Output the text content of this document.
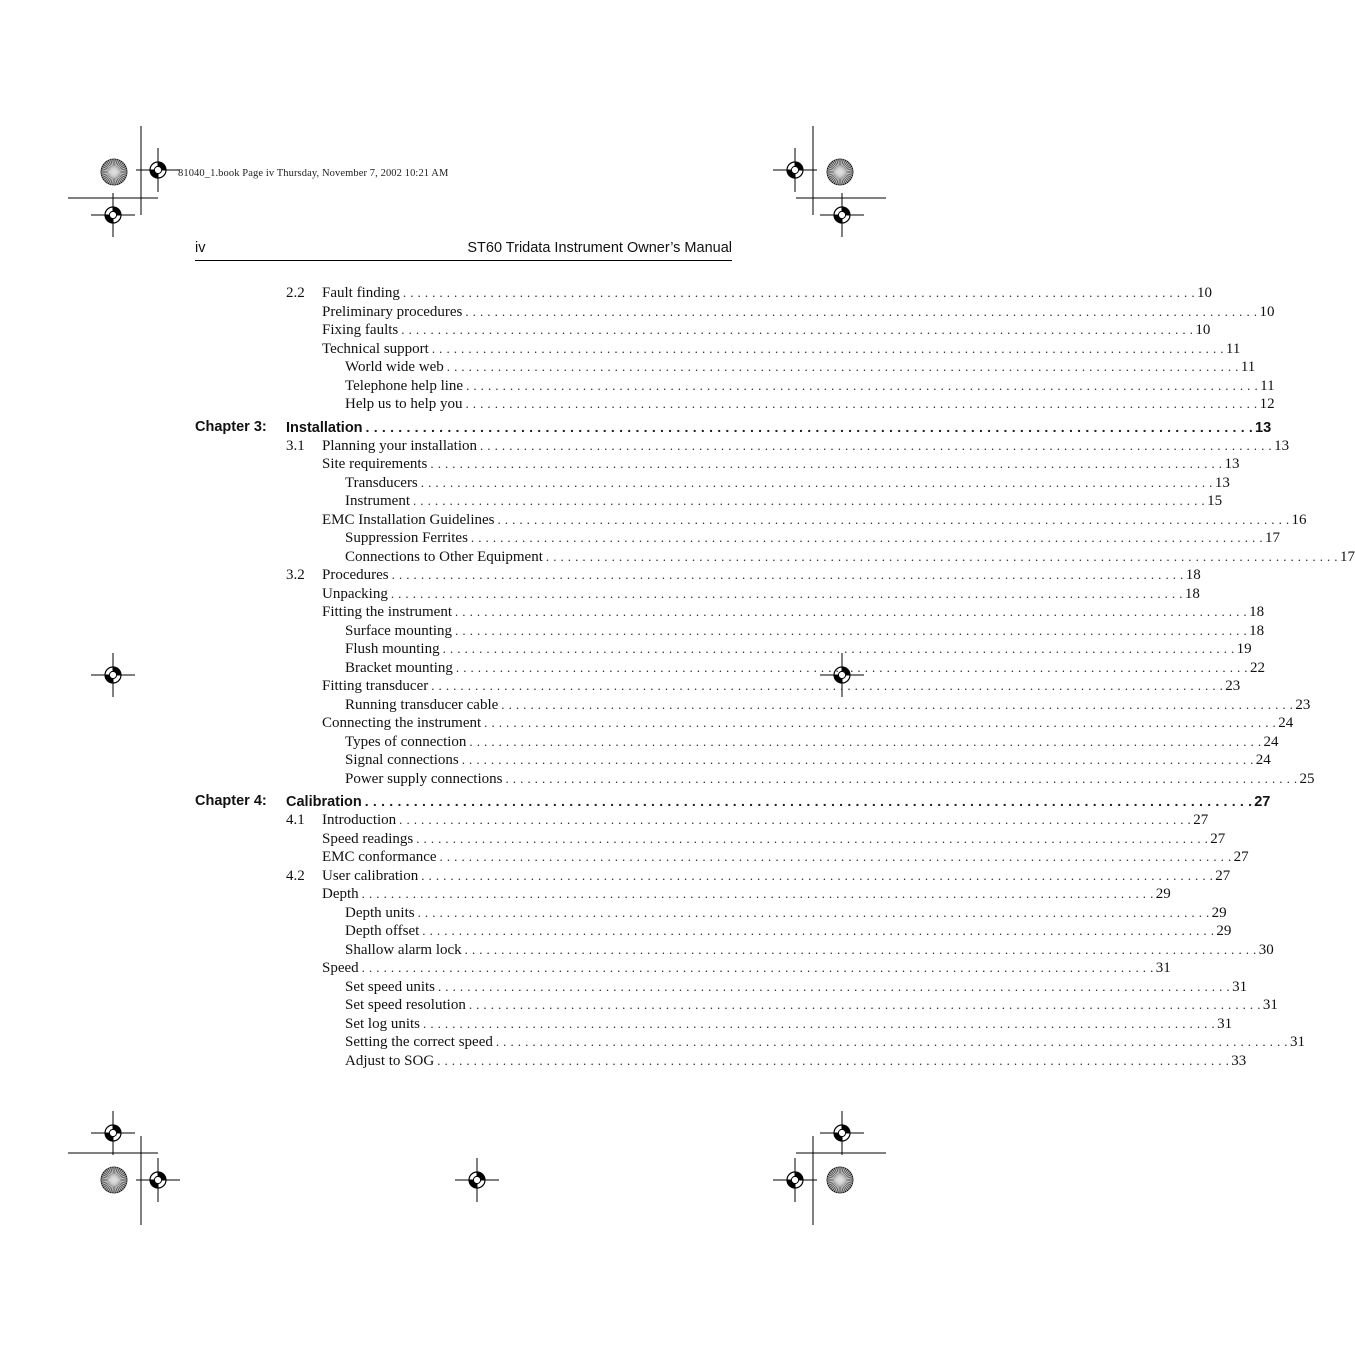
81040_1.book Page iv Thursday, November 7, 2002 10:21 AM
iv	ST60 Tridata Instrument Owner’s Manual
2.2 Fault finding . . . . . . . . . . . . . . . . . . . . . . . . . . . . . . . . . . . . . . . . . . . . . . . . . . . . . . . . . . . . . . . . . . . . . . . . . . . . . . . . . . . . . . . . . . . . . . . . . . . . . . . . . . . . . 10
Preliminary procedures . . . . . . . . . . . . . . . . . . . . . . . . . . . . . . . . . . . . . . . . . . . . . . . . . . . . . . . . . . . . . . . . . . . . . . . . . . . . . . . . . . . . . . . . . . . . . . . . . . . . . . . . . . . . . 10
Fixing faults . . . . . . . . . . . . . . . . . . . . . . . . . . . . . . . . . . . . . . . . . . . . . . . . . . . . . . . . . . . . . . . . . . . . . . . . . . . . . . . . . . . . . . . . . . . . . . . . . . . . . . . . . . . . . 10
Technical support . . . . . . . . . . . . . . . . . . . . . . . . . . . . . . . . . . . . . . . . . . . . . . . . . . . . . . . . . . . . . . . . . . . . . . . . . . . . . . . . . . . . . . . . . . . . . . . . . . . . . . . . . . . . . 11
World wide web . . . . . . . . . . . . . . . . . . . . . . . . . . . . . . . . . . . . . . . . . . . . . . . . . . . . . . . . . . . . . . . . . . . . . . . . . . . . . . . . . . . . . . . . . . . . . . . . . . . . . . . . . . . . . 11
Telephone help line . . . . . . . . . . . . . . . . . . . . . . . . . . . . . . . . . . . . . . . . . . . . . . . . . . . . . . . . . . . . . . . . . . . . . . . . . . . . . . . . . . . . . . . . . . . . . . . . . . . . . . . . . . . . . 11
Help us to help you . . . . . . . . . . . . . . . . . . . . . . . . . . . . . . . . . . . . . . . . . . . . . . . . . . . . . . . . . . . . . . . . . . . . . . . . . . . . . . . . . . . . . . . . . . . . . . . . . . . . . . . . . . . . . 12
Chapter 3: Installation . . . . . . . . . . . . . . . . . . . . . . . . . . . . . . . . . . . . . . . . . . . . . . . . . . . . . . . . . . . . . . . . . . . . . . . . . . . . . . . . . . . . . . . . . . . . . . . . . . . . . . . . . . . . . 13
3.1 Planning your installation . . . . . . . . . . . . . . . . . . . . . . . . . . . . . . . . . . . . . . . . . . . . . . . . . . . . . . . . . . . . . . . . . . . . . . . . . . . . . . . . . . . . . . . . . . . . . . . . . . . . . . . . . . . . . 13
Site requirements . . . . . . . . . . . . . . . . . . . . . . . . . . . . . . . . . . . . . . . . . . . . . . . . . . . . . . . . . . . . . . . . . . . . . . . . . . . . . . . . . . . . . . . . . . . . . . . . . . . . . . . . . . . . . 13
Transducers . . . . . . . . . . . . . . . . . . . . . . . . . . . . . . . . . . . . . . . . . . . . . . . . . . . . . . . . . . . . . . . . . . . . . . . . . . . . . . . . . . . . . . . . . . . . . . . . . . . . . . . . . . . . . 13
Instrument . . . . . . . . . . . . . . . . . . . . . . . . . . . . . . . . . . . . . . . . . . . . . . . . . . . . . . . . . . . . . . . . . . . . . . . . . . . . . . . . . . . . . . . . . . . . . . . . . . . . . . . . . . . . . 15
EMC Installation Guidelines . . . . . . . . . . . . . . . . . . . . . . . . . . . . . . . . . . . . . . . . . . . . . . . . . . . . . . . . . . . . . . . . . . . . . . . . . . . . . . . . . . . . . . . . . . . . . . . . . . . . . . . . . . . . . 16
Suppression Ferrites . . . . . . . . . . . . . . . . . . . . . . . . . . . . . . . . . . . . . . . . . . . . . . . . . . . . . . . . . . . . . . . . . . . . . . . . . . . . . . . . . . . . . . . . . . . . . . . . . . . . . . . . . . . . . 17
Connections to Other Equipment . . . . . . . . . . . . . . . . . . . . . . . . . . . . . . . . . . . . . . . . . . . . . . . . . . . . . . . . . . . . . . . . . . . . . . . . . . . . . . . . . . . . . . . . . . . . . . . . . . . . . . . . . . . . . 17
3.2 Procedures . . . . . . . . . . . . . . . . . . . . . . . . . . . . . . . . . . . . . . . . . . . . . . . . . . . . . . . . . . . . . . . . . . . . . . . . . . . . . . . . . . . . . . . . . . . . . . . . . . . . . . . . . . . . . 18
Unpacking . . . . . . . . . . . . . . . . . . . . . . . . . . . . . . . . . . . . . . . . . . . . . . . . . . . . . . . . . . . . . . . . . . . . . . . . . . . . . . . . . . . . . . . . . . . . . . . . . . . . . . . . . . . . . 18
Fitting the instrument . . . . . . . . . . . . . . . . . . . . . . . . . . . . . . . . . . . . . . . . . . . . . . . . . . . . . . . . . . . . . . . . . . . . . . . . . . . . . . . . . . . . . . . . . . . . . . . . . . . . . . . . . . . . . 18
Surface mounting . . . . . . . . . . . . . . . . . . . . . . . . . . . . . . . . . . . . . . . . . . . . . . . . . . . . . . . . . . . . . . . . . . . . . . . . . . . . . . . . . . . . . . . . . . . . . . . . . . . . . . . . . . . . . 18
Flush mounting . . . . . . . . . . . . . . . . . . . . . . . . . . . . . . . . . . . . . . . . . . . . . . . . . . . . . . . . . . . . . . . . . . . . . . . . . . . . . . . . . . . . . . . . . . . . . . . . . . . . . . . . . . . . . 19
Bracket mounting . . . . . . . . . . . . . . . . . . . . . . . . . . . . . . . . . . . . . . . . . . . . . . . . . . . . . . . . . . . . . . . . . . . . . . . . . . . . . . . . . . . . . . . . . . . . . . . . . . . . . . . . . . . . . 22
Fitting transducer . . . . . . . . . . . . . . . . . . . . . . . . . . . . . . . . . . . . . . . . . . . . . . . . . . . . . . . . . . . . . . . . . . . . . . . . . . . . . . . . . . . . . . . . . . . . . . . . . . . . . . . . . . . . . 23
Running transducer cable . . . . . . . . . . . . . . . . . . . . . . . . . . . . . . . . . . . . . . . . . . . . . . . . . . . . . . . . . . . . . . . . . . . . . . . . . . . . . . . . . . . . . . . . . . . . . . . . . . . . . . . . . . . . . 23
Connecting the instrument . . . . . . . . . . . . . . . . . . . . . . . . . . . . . . . . . . . . . . . . . . . . . . . . . . . . . . . . . . . . . . . . . . . . . . . . . . . . . . . . . . . . . . . . . . . . . . . . . . . . . . . . . . . . . 24
Types of connection . . . . . . . . . . . . . . . . . . . . . . . . . . . . . . . . . . . . . . . . . . . . . . . . . . . . . . . . . . . . . . . . . . . . . . . . . . . . . . . . . . . . . . . . . . . . . . . . . . . . . . . . . . . . . 24
Signal connections . . . . . . . . . . . . . . . . . . . . . . . . . . . . . . . . . . . . . . . . . . . . . . . . . . . . . . . . . . . . . . . . . . . . . . . . . . . . . . . . . . . . . . . . . . . . . . . . . . . . . . . . . . . . . 24
Power supply connections . . . . . . . . . . . . . . . . . . . . . . . . . . . . . . . . . . . . . . . . . . . . . . . . . . . . . . . . . . . . . . . . . . . . . . . . . . . . . . . . . . . . . . . . . . . . . . . . . . . . . . . . . . . . . 25
Chapter 4: Calibration . . . . . . . . . . . . . . . . . . . . . . . . . . . . . . . . . . . . . . . . . . . . . . . . . . . . . . . . . . . . . . . . . . . . . . . . . . . . . . . . . . . . . . . . . . . . . . . . . . . . . . . . . . . . . 27
4.1 Introduction . . . . . . . . . . . . . . . . . . . . . . . . . . . . . . . . . . . . . . . . . . . . . . . . . . . . . . . . . . . . . . . . . . . . . . . . . . . . . . . . . . . . . . . . . . . . . . . . . . . . . . . . . . . . . 27
Speed readings . . . . . . . . . . . . . . . . . . . . . . . . . . . . . . . . . . . . . . . . . . . . . . . . . . . . . . . . . . . . . . . . . . . . . . . . . . . . . . . . . . . . . . . . . . . . . . . . . . . . . . . . . . . . . 27
EMC conformance . . . . . . . . . . . . . . . . . . . . . . . . . . . . . . . . . . . . . . . . . . . . . . . . . . . . . . . . . . . . . . . . . . . . . . . . . . . . . . . . . . . . . . . . . . . . . . . . . . . . . . . . . . . . . 27
4.2 User calibration . . . . . . . . . . . . . . . . . . . . . . . . . . . . . . . . . . . . . . . . . . . . . . . . . . . . . . . . . . . . . . . . . . . . . . . . . . . . . . . . . . . . . . . . . . . . . . . . . . . . . . . . . . . . . 27
Depth . . . . . . . . . . . . . . . . . . . . . . . . . . . . . . . . . . . . . . . . . . . . . . . . . . . . . . . . . . . . . . . . . . . . . . . . . . . . . . . . . . . . . . . . . . . . . . . . . . . . . . . . . . . . . 29
Depth units . . . . . . . . . . . . . . . . . . . . . . . . . . . . . . . . . . . . . . . . . . . . . . . . . . . . . . . . . . . . . . . . . . . . . . . . . . . . . . . . . . . . . . . . . . . . . . . . . . . . . . . . . . . . . 29
Depth offset . . . . . . . . . . . . . . . . . . . . . . . . . . . . . . . . . . . . . . . . . . . . . . . . . . . . . . . . . . . . . . . . . . . . . . . . . . . . . . . . . . . . . . . . . . . . . . . . . . . . . . . . . . . . . 29
Shallow alarm lock . . . . . . . . . . . . . . . . . . . . . . . . . . . . . . . . . . . . . . . . . . . . . . . . . . . . . . . . . . . . . . . . . . . . . . . . . . . . . . . . . . . . . . . . . . . . . . . . . . . . . . . . . . . . . 30
Speed . . . . . . . . . . . . . . . . . . . . . . . . . . . . . . . . . . . . . . . . . . . . . . . . . . . . . . . . . . . . . . . . . . . . . . . . . . . . . . . . . . . . . . . . . . . . . . . . . . . . . . . . . . . . . 31
Set speed units . . . . . . . . . . . . . . . . . . . . . . . . . . . . . . . . . . . . . . . . . . . . . . . . . . . . . . . . . . . . . . . . . . . . . . . . . . . . . . . . . . . . . . . . . . . . . . . . . . . . . . . . . . . . . 31
Set speed resolution . . . . . . . . . . . . . . . . . . . . . . . . . . . . . . . . . . . . . . . . . . . . . . . . . . . . . . . . . . . . . . . . . . . . . . . . . . . . . . . . . . . . . . . . . . . . . . . . . . . . . . . . . . . . . 31
Set log units . . . . . . . . . . . . . . . . . . . . . . . . . . . . . . . . . . . . . . . . . . . . . . . . . . . . . . . . . . . . . . . . . . . . . . . . . . . . . . . . . . . . . . . . . . . . . . . . . . . . . . . . . . . . . 31
Setting the correct speed . . . . . . . . . . . . . . . . . . . . . . . . . . . . . . . . . . . . . . . . . . . . . . . . . . . . . . . . . . . . . . . . . . . . . . . . . . . . . . . . . . . . . . . . . . . . . . . . . . . . . . . . . . . . . 31
Adjust to SOG . . . . . . . . . . . . . . . . . . . . . . . . . . . . . . . . . . . . . . . . . . . . . . . . . . . . . . . . . . . . . . . . . . . . . . . . . . . . . . . . . . . . . . . . . . . . . . . . . . . . . . . . . . . . . 33
